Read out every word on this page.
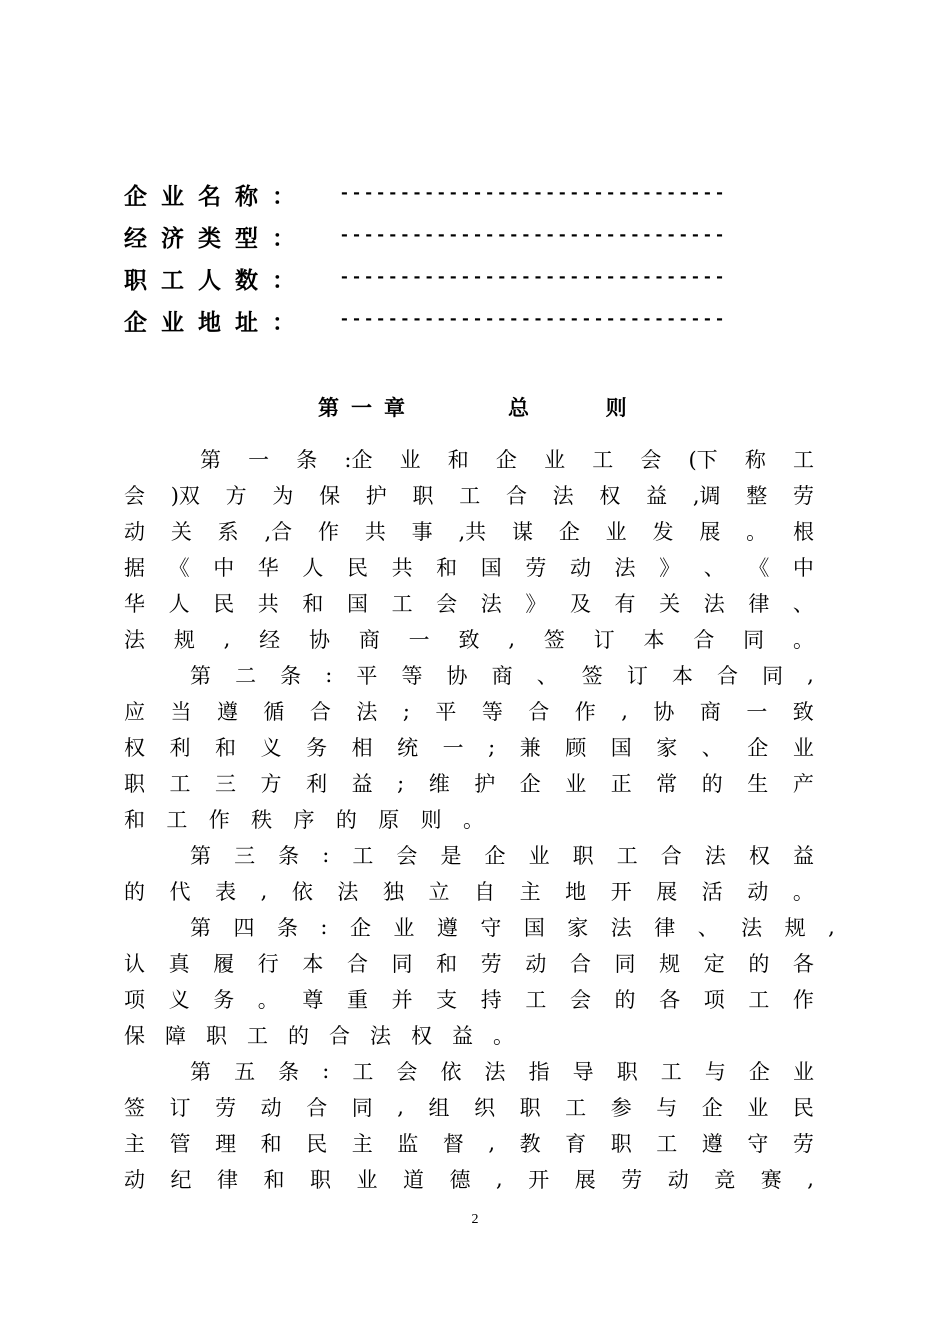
企业名称：	--------------------------------
经济类型：	--------------------------------
职工人数：	--------------------------------
企业地址：	--------------------------------
第一章	总	则
第 一 条 :企 业 和 企 业 工 会 (下 称 工
会 )双 方 为 保 护 职 工 合 法 权 益 ,调 整 劳
动 关 系 ,合 作 共 事 ,共 谋 企 业 发 展 。 根
据 《 中 华 人 民 共 和 国 劳 动 法 》 、 《 中
华 人 民 共 和 国 工 会 法 》 及 有 关 法 律 、
法 规 , 经 协 商 一 致 , 签 订 本 合 同 。
第 二 条 : 平 等 协 商 、 签 订 本 合 同 ,
应 当 遵 循 合 法 ; 平 等 合 作 , 协 商 一 致
权 利 和 义 务 相 统 一 ; 兼 顾 国 家 、 企 业
职 工 三 方 利 益 ; 维 护 企 业 正 常 的 生 产
和 工 作 秩 序 的 原 则 。
第 三 条 : 工 会 是 企 业 职 工 合 法 权 益
的 代 表 , 依 法 独 立 自 主 地 开 展 活 动 。
第 四 条 : 企 业 遵 守 国 家 法 律 、 法 规 ,
认 真 履 行 本 合 同 和 劳 动 合 同 规 定 的 各
项 义 务 。 尊 重 并 支 持 工 会 的 各 项 工 作
保 障 职 工 的 合 法 权 益 。
第 五 条 : 工 会 依 法 指 导 职 工 与 企 业
签 订 劳 动 合 同 , 组 织 职 工 参 与 企 业 民
主 管 理 和 民 主 监 督 , 教 育 职 工 遵 守 劳
动 纪 律 和 职 业 道 德 , 开 展 劳 动 竞 赛 ,
2
